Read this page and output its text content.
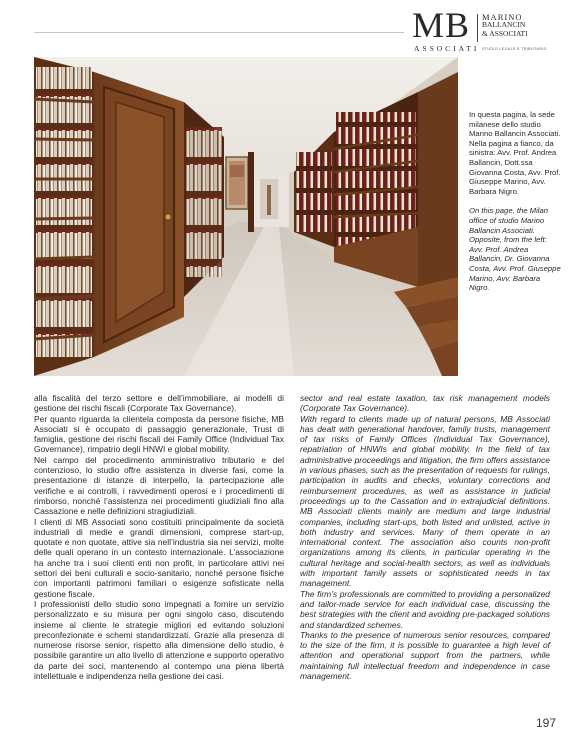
MB
ASSOCIATI
MARINO
BALLANCIN
& ASSOCIATI
STUDIO LEGALE E TRIBUTARIO

In questa pagina, la sede milanese dello studio Marino Ballancin Associati. Nella pagina a fianco, da sinistra: Avv. Prof. Andrea Ballancin, Dott.ssa Giovanna Costa, Avv. Prof. Giuseppe Marino, Avv. Barbara Nigro.

On this page, the Milan office of studio Marino Ballancin Associati. Opposite, from the left: Avv. Prof. Andrea Ballancin, Dr. Giovanna Costa, Avv. Prof. Giuseppe Marino, Avv. Barbara Nigro.

alla fiscalità del terzo settore e dell’immobiliare, ai modelli di gestione dei rischi fiscali (Corporate Tax Governance).

Per quanto riguarda la clientela composta da persone fisiche, MB Associati si è occupato di passaggio generazionale, Trust di famiglia, gestione dei rischi fiscali dei Family Office (Individual Tax Governance), rimpatrio degli HNWI e global mobility.

Nel campo del procedimento amministrativo tributario e del contenzioso, lo studio offre assistenza in diverse fasi, come la presentazione di istanze di interpello, la partecipazione alle verifiche e ai controlli, i ravvedimenti operosi e i procedimenti di rimborso, nonché l’assistenza nei procedimenti giudiziali fino alla Cassazione e nelle definizioni stragiudiziali.

I clienti di MB Associati sono costituiti principalmente da società industriali di medie e grandi dimensioni, comprese start-up, quotate e non quotate, attive sia nell’industria sia nei servizi, molte delle quali operano in un contesto internazionale. L’associazione ha anche tra i suoi clienti enti non profit, in particolare attivi nei settori dei beni culturali e socio-sanitario, nonché persone fisiche con importanti patrimoni familiari o esigenze sofisticate nella gestione fiscale.

I professionisti dello studio sono impegnati a fornire un servizio personalizzato e su misura per ogni singolo caso, discutendo insieme al cliente le strategie migliori ed evitando soluzioni preconfezionate e schemi standardizzati. Grazie alla presenza di numerose risorse senior, rispetto alla dimensione dello studio, è possibile garantire un alto livello di attenzione e supporto operativo da parte dei soci, mantenendo al contempo una piena libertà intellettuale e indipendenza nella gestione dei casi.

sector and real estate taxation, tax risk management models (Corporate Tax Governance).

With regard to clients made up of natural persons, MB Associati has dealt with generational handover, family trusts, management of tax risks of Family Offices (Individual Tax Governance), repatriation of HNWIs and global mobility. In the field of tax administrative proceedings and litigation, the firm offers assistance in various phases, such as the presentation of requests for rulings, participation in audits and checks, voluntary corrections and reimbursement procedures, as well as assistance in judicial proceedings up to the Cassation and in extrajudicial definitions. MB Associati clients mainly are medium and large industrial companies, including start-ups, both listed and unlisted, active in both industry and services. Many of them operate in an international context. The association also counts non-profit organizations among its clients, in particular operating in the cultural heritage and social-health sectors, as well as individuals with important family assets or sophisticated needs in tax management.

The firm’s professionals are committed to providing a personalized and tailor-made service for each individual case, discussing the best strategies with the client and avoiding pre-packaged solutions and standardized schemes.

Thanks to the presence of numerous senior resources, compared to the size of the firm, it is possible to guarantee a high level of attention and operational support from the partners, while maintaining full intellectual freedom and independence in case management.

197
